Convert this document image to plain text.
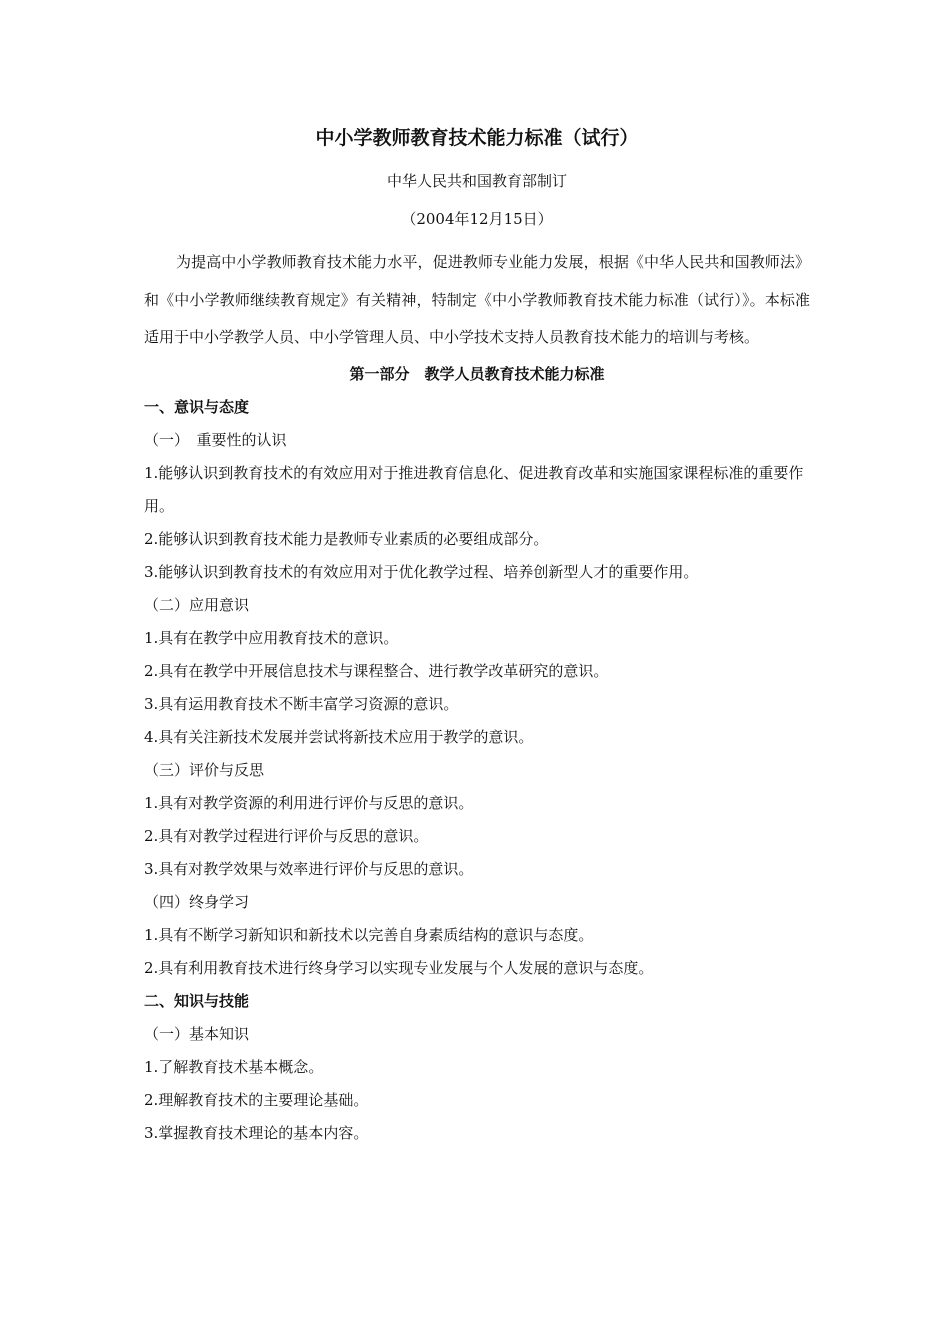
中小学教师教育技术能力标准（试行）

中华人民共和国教育部制订

（2004年12月15日）

为提高中小学教师教育技术能力水平，促进教师专业能力发展，根据《中华人民共和国教师法》和《中小学教师继续教育规定》有关精神，特制定《中小学教师教育技术能力标准（试行）》。本标准适用于中小学教学人员、中小学管理人员、中小学技术支持人员教育技术能力的培训与考核。

第一部分　教学人员教育技术能力标准
一、意识与态度

（一）　重要性的认识

1.能够认识到教育技术的有效应用对于推进教育信息化、促进教育改革和实施国家课程标准的重要作用。

2.能够认识到教育技术能力是教师专业素质的必要组成部分。

3.能够认识到教育技术的有效应用对于优化教学过程、培养创新型人才的重要作用。

（二）应用意识

1.具有在教学中应用教育技术的意识。

2.具有在教学中开展信息技术与课程整合、进行教学改革研究的意识。

3.具有运用教育技术不断丰富学习资源的意识。

4.具有关注新技术发展并尝试将新技术应用于教学的意识。

（三）评价与反思

1.具有对教学资源的利用进行评价与反思的意识。

2.具有对教学过程进行评价与反思的意识。

3.具有对教学效果与效率进行评价与反思的意识。

（四）终身学习

1.具有不断学习新知识和新技术以完善自身素质结构的意识与态度。

2.具有利用教育技术进行终身学习以实现专业发展与个人发展的意识与态度。

二、知识与技能

（一）基本知识

1.了解教育技术基本概念。

2.理解教育技术的主要理论基础。

3.掌握教育技术理论的基本内容。
